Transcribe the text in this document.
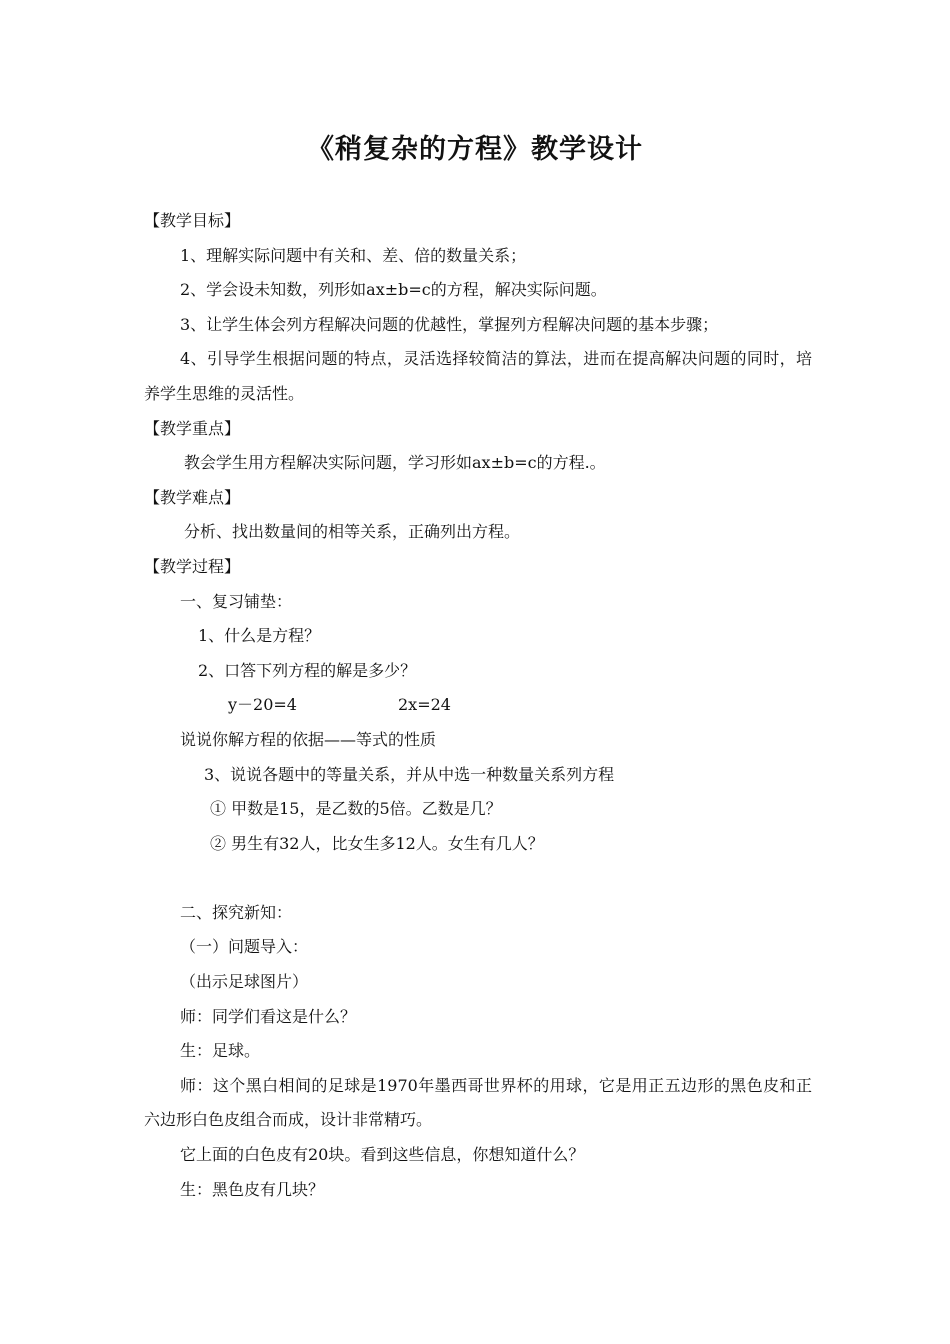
《稍复杂的方程》教学设计
【教学目标】
1、理解实际问题中有关和、差、倍的数量关系；
2、学会设未知数，列形如ax±b=c的方程，解决实际问题。
3、让学生体会列方程解决问题的优越性，掌握列方程解决问题的基本步骤；
4、引导学生根据问题的特点，灵活选择较简洁的算法，进而在提高解决问题的同时，培养学生思维的灵活性。
【教学重点】
教会学生用方程解决实际问题，学习形如ax±b=c的方程.。
【教学难点】
分析、找出数量间的相等关系，正确列出方程。
【教学过程】
一、复习铺垫：
1、什么是方程？
2、口答下列方程的解是多少？
y－20=4	2x=24
说说你解方程的依据——等式的性质
3、说说各题中的等量关系，并从中选一种数量关系列方程
① 甲数是15，是乙数的5倍。乙数是几？
② 男生有32人，比女生多12人。女生有几人？
二、探究新知：
（一）问题导入：
（出示足球图片）
师：同学们看这是什么？
生：足球。
师：这个黑白相间的足球是1970年墨西哥世界杯的用球，它是用正五边形的黑色皮和正六边形白色皮组合而成，设计非常精巧。
它上面的白色皮有20块。看到这些信息，你想知道什么？
生：黑色皮有几块？
